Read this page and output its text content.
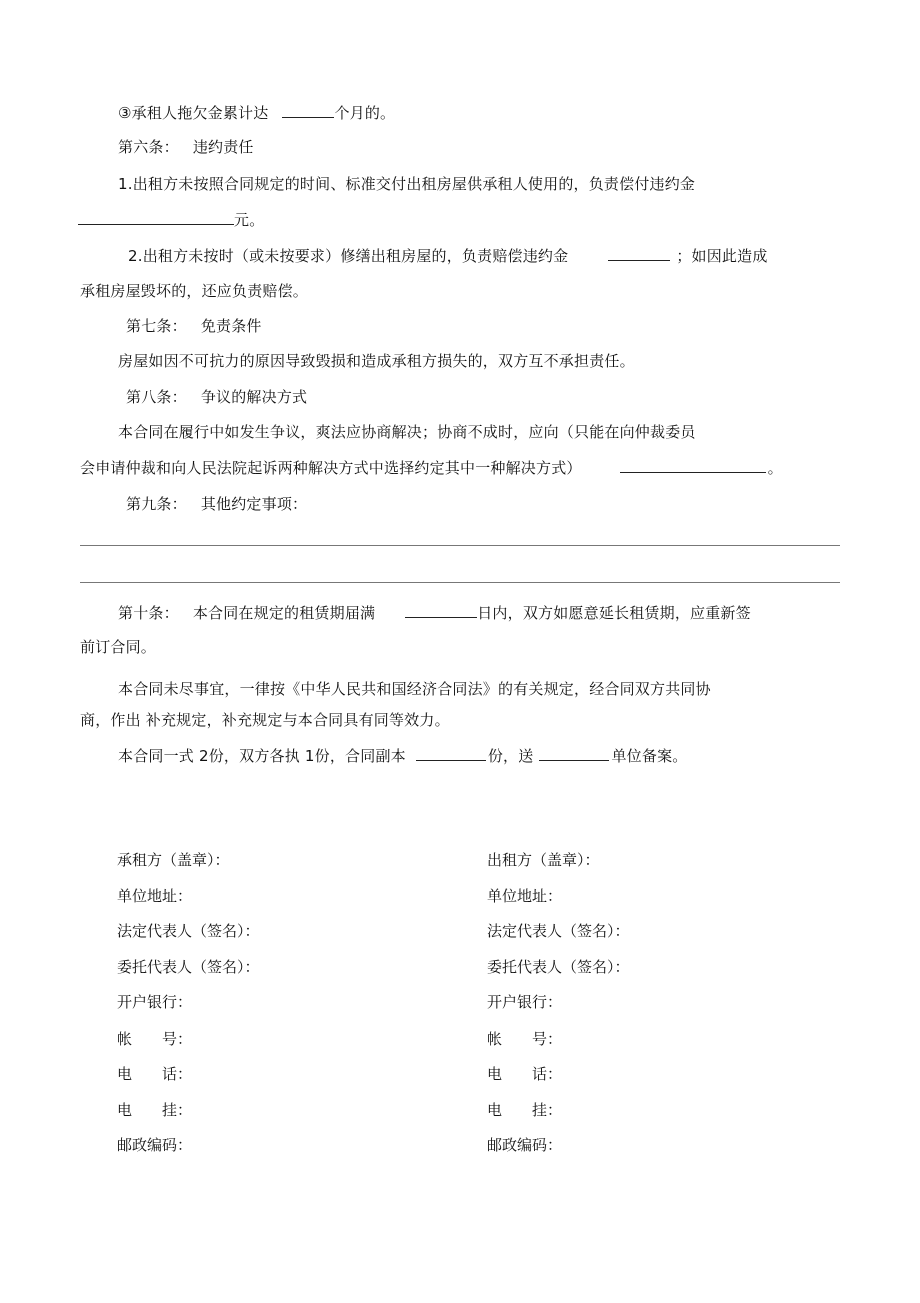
③承租人拖欠金累计达	个月的。
第六条： 违约责任
1.出租方未按照合同规定的时间、标准交付出租房屋供承租人使用的，负责偿付违约金
元。
2.出租方未按时（或未按要求）修缮出租房屋的，负责赔偿违约金	；如因此造成
承租房屋毁坏的，还应负责赔偿。
第七条： 免责条件
房屋如因不可抗力的原因导致毁损和造成承租方损失的，双方互不承担责任。
第八条： 争议的解决方式
本合同在履行中如发生争议，爽法应协商解决；协商不成时，应向（只能在向仲裁委员
会申请仲裁和向人民法院起诉两种解决方式中选择约定其中一种解决方式）	。
第九条： 其他约定事项：
第十条： 本合同在规定的租赁期届满	日内，双方如愿意延长租赁期，应重新签
前订合同。
本合同未尽事宜，一律按《中华人民共和国经济合同法》的有关规定，经合同双方共同协
商，作出 补充规定，补充规定与本合同具有同等效力。
本合同一式 2份，双方各执 1份，合同副本	份，送	单位备案。
承租方（盖章）：
单位地址：
法定代表人（签名）：
委托代表人（签名）：
开户银行：
帐　　号：
电　　话：
电　　挂：
邮政编码：
出租方（盖章）：
单位地址：
法定代表人（签名）：
委托代表人（签名）：
开户银行：
帐　　号：
电　　话：
电　　挂：
邮政编码：
